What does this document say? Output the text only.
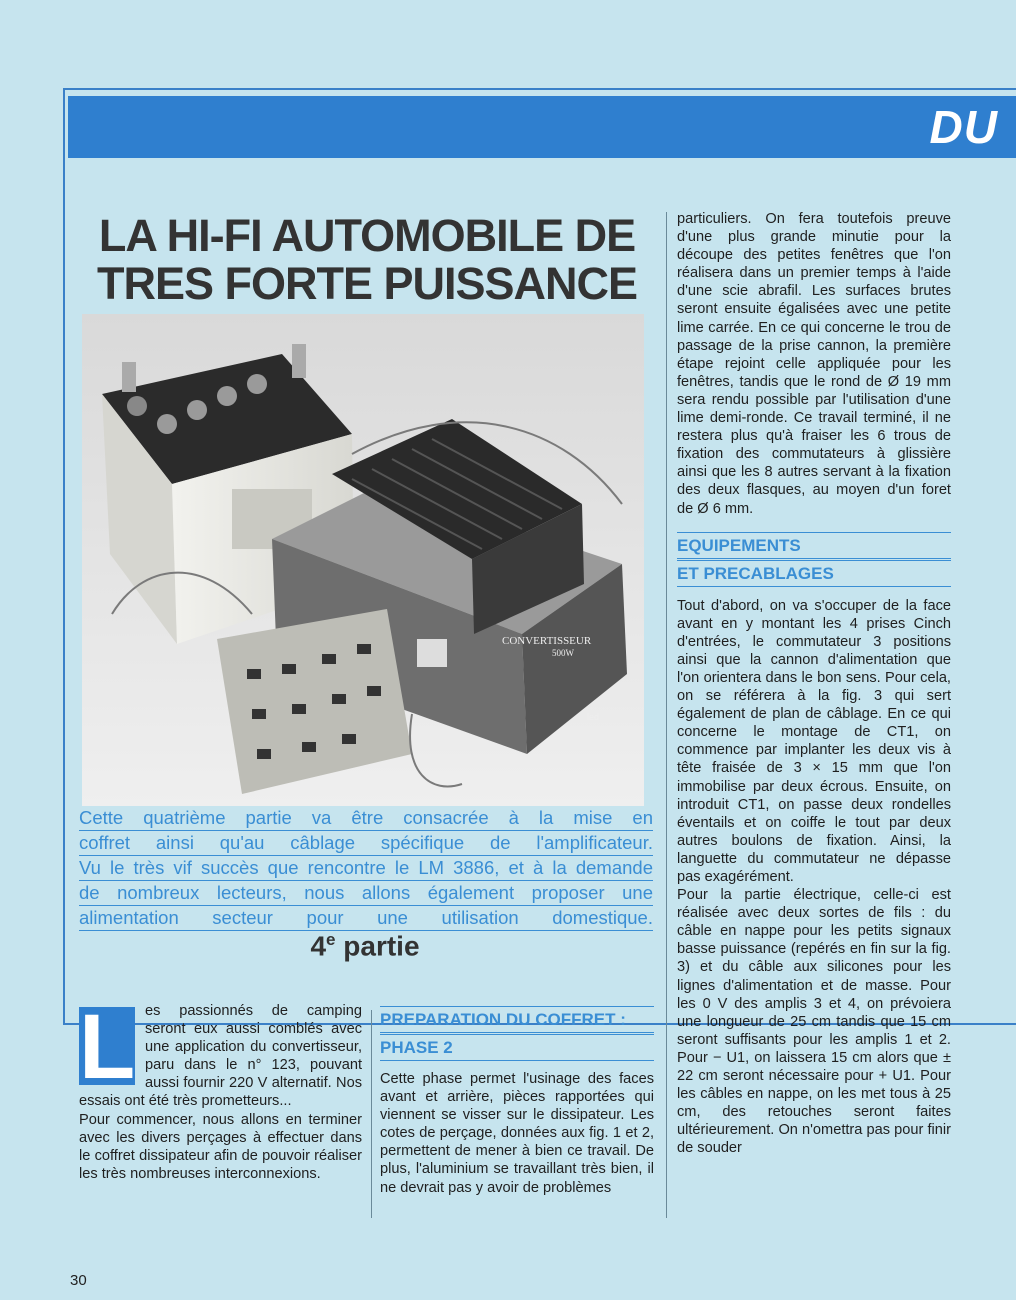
DU
LA HI-FI AUTOMOBILE DE
TRES FORTE PUISSANCE
CONVERTISSEUR
500W
led

Cette quatrième partie va être consacrée à la mise en
coffret ainsi qu'au câblage spécifique de l'amplificateur.
Vu le très vif succès que rencontre le LM 3886, et à la demande
de nombreux lecteurs, nous allons également proposer une
alimentation secteur pour une utilisation domestique.

4e partie
L es passionnés de camping seront eux aussi comblés avec une application du convertisseur, paru dans le n° 123, pouvant aussi fournir 220 V alternatif. Nos essais ont été très prometteurs...

Pour commencer, nous allons en terminer avec les divers perçages à effectuer dans le coffret dissipateur afin de pouvoir réaliser les très nombreuses interconnexions.

PREPARATION DU COFFRET :
PHASE 2

Cette phase permet l'usinage des faces avant et arrière, pièces rapportées qui viennent se visser sur le dissipateur. Les cotes de perçage, données aux fig. 1 et 2, permettent de mener à bien ce travail. De plus, l'aluminium se travaillant très bien, il ne devrait pas y avoir de problèmes

particuliers. On fera toutefois preuve d'une plus grande minutie pour la découpe des petites fenêtres que l'on réalisera dans un premier temps à l'aide d'une scie abrafil. Les surfaces brutes seront ensuite égalisées avec une petite lime carrée. En ce qui concerne le trou de passage de la prise cannon, la première étape rejoint celle appliquée pour les fenêtres, tandis que le rond de Ø 19 mm sera rendu possible par l'utilisation d'une lime demi-ronde. Ce travail terminé, il ne restera plus qu'à fraiser les 6 trous de fixation des commutateurs à glissière ainsi que les 8 autres servant à la fixation des deux flasques, au moyen d'un foret de Ø 6 mm.

EQUIPEMENTS
ET PRECABLAGES

Tout d'abord, on va s'occuper de la face avant en y montant les 4 prises Cinch d'entrées, le commutateur 3 positions ainsi que la cannon d'alimentation que l'on orientera dans le bon sens. Pour cela, on se référera à la fig. 3 qui sert également de plan de câblage. En ce qui concerne le montage de CT1, on commence par implanter les deux vis à tête fraisée de 3 × 15 mm que l'on immobilise par deux écrous. Ensuite, on introduit CT1, on passe deux rondelles éventails et on coiffe le tout par deux autres boulons de fixation. Ainsi, la languette du commutateur ne dépasse pas exagérément.

Pour la partie électrique, celle-ci est réalisée avec deux sortes de fils : du câble en nappe pour les petits signaux basse puissance (repérés en fin sur la fig. 3) et du câble aux silicones pour les lignes d'alimentation et de masse. Pour les 0 V des amplis 3 et 4, on prévoiera une longueur de 25 cm tandis que 15 cm seront suffisants pour les amplis 1 et 2. Pour − U1, on laissera 15 cm alors que ± 22 cm seront nécessaire pour + U1. Pour les câbles en nappe, on les met tous à 25 cm, des retouches seront faites ultérieurement. On n'omettra pas pour finir de souder

30
